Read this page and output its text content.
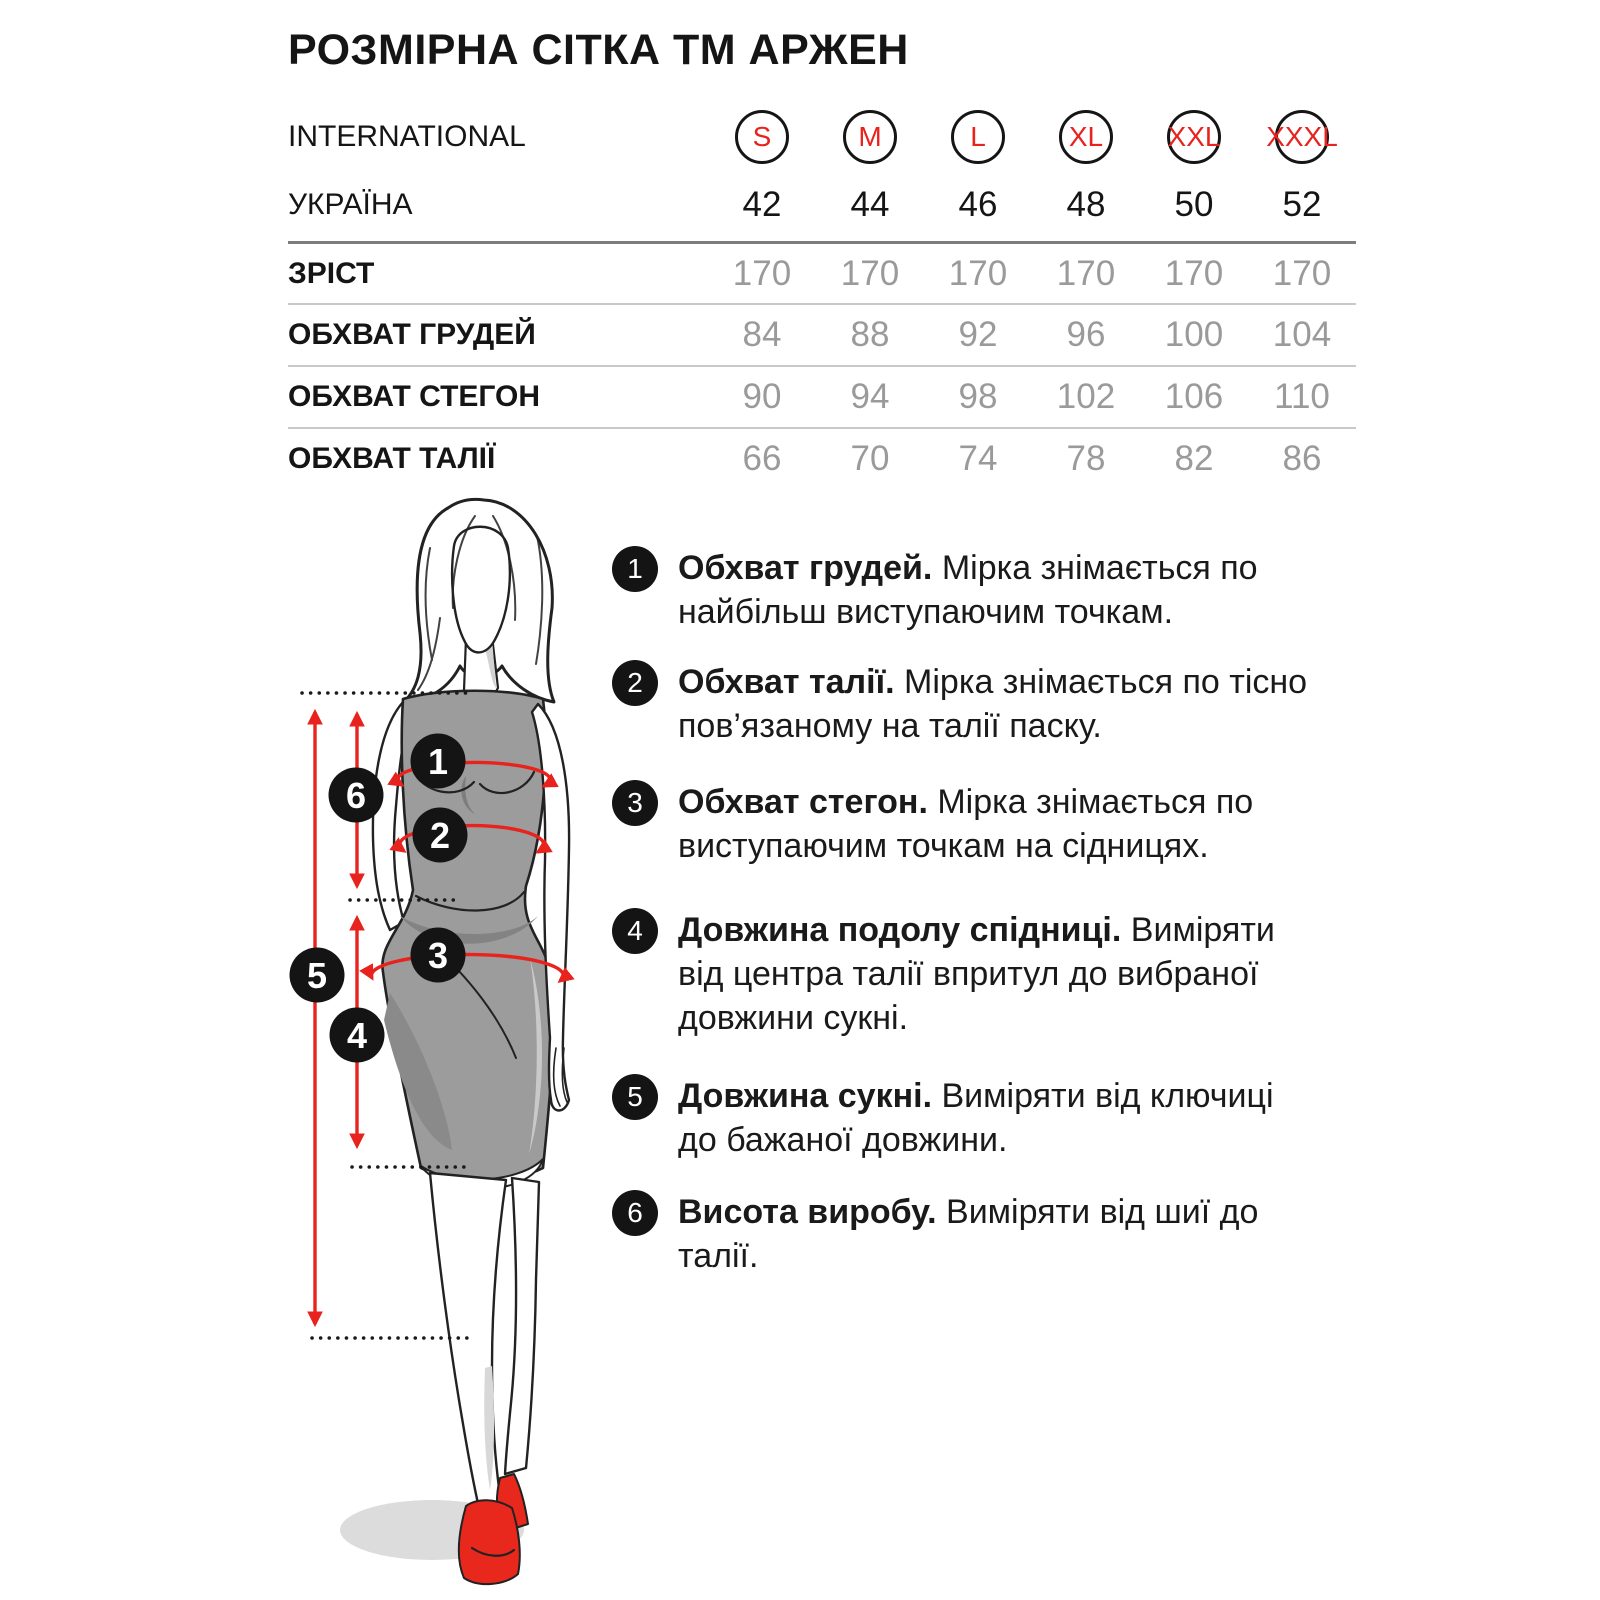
РОЗМІРНА СІТКА ТМ АРЖЕН
INTERNATIONAL	S	M	L	XL	XXL XXXL
УКРАЇНА	42	44	46	48	50	52
ЗРІСТ	170	170	170	170	170	170
ОБХВАТ ГРУДЕЙ	84	88	92	96	100	104
ОБХВАТ СТЕГОН	90	94	98	102	106	110
ОБХВАТ ТАЛІЇ	66	70	74	78	82	86
1
2
3
4
5
6
1	Обхват грудей. Мірка знімається по найбільш виступаючим точкам.
2	Обхват талії. Мірка знімається по тісно пов’язаному на талії паску.
3	Обхват стегон. Мірка знімається по виступаючим точкам на сідницях.
4	Довжина подолу спідниці. Виміряти від центра талії впритул до вибраної довжини сукні.
5	Довжина сукні. Виміряти від ключиці до бажаної довжини.
6	Висота виробу. Виміряти від шиї до талії.
